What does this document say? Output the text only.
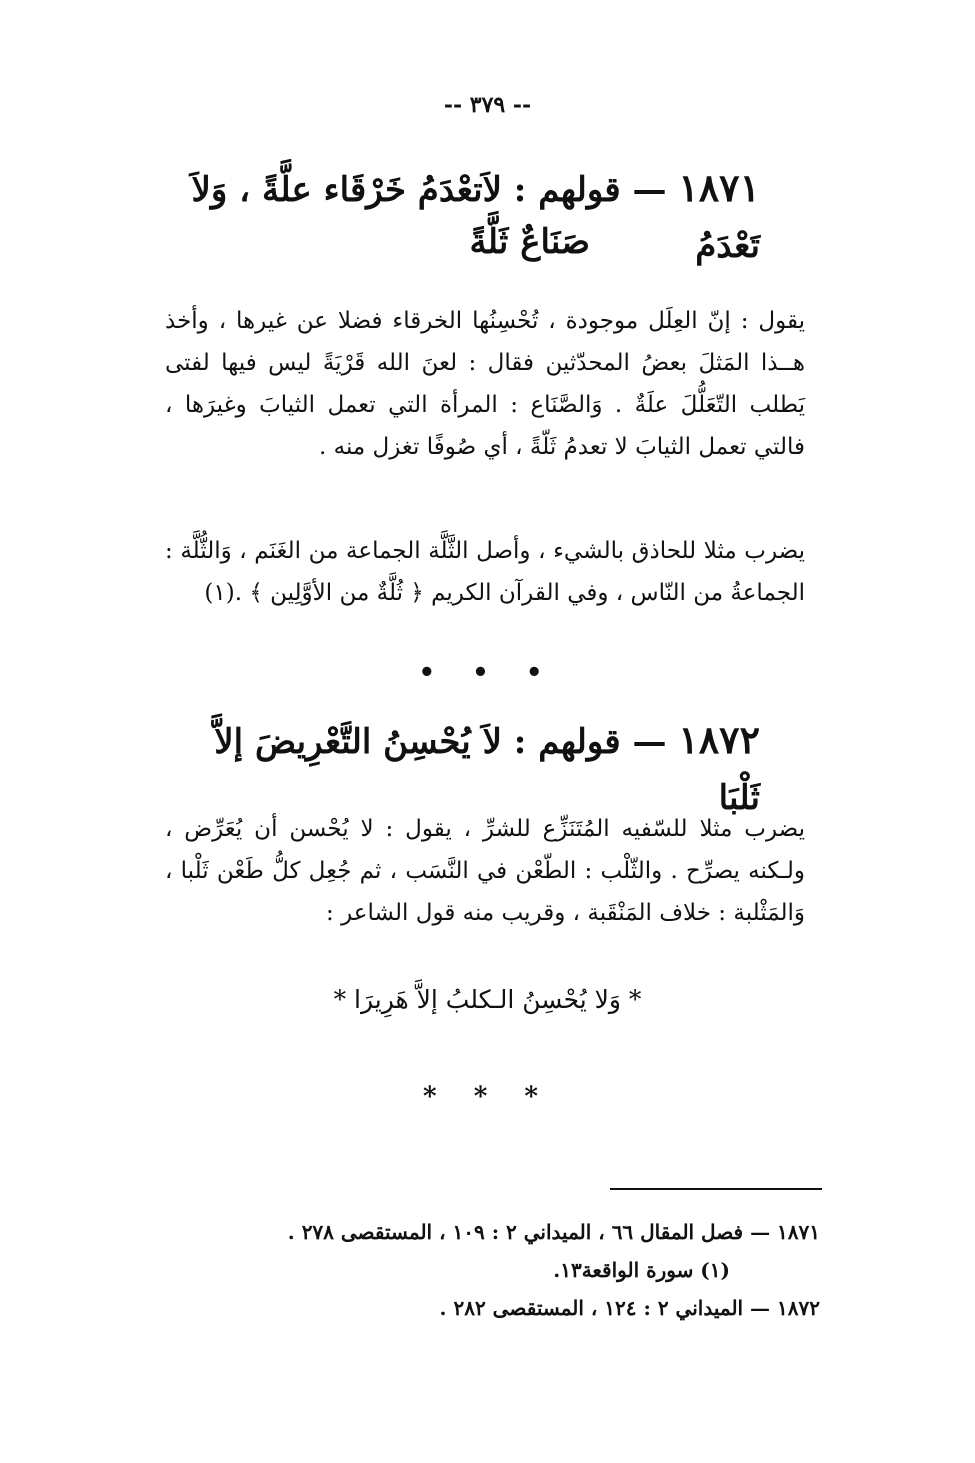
-- ٣٧٩ --
١٨٧١ — قولهم : لاَتعْدَمُ خَرْقَاء علَّةً ، وَلاَ تَعْدَمُ
صَنَاعٌ ثَلَّةً

يقول : إنّ العِلَل موجودة ، تُحْسِنُها الخرقاء فضلا عن غيرها ، وأخذ هــذا المَثلَ بعضُ المحدّثين فقال : لعنَ الله قَرْيَةً ليس فيها لفتى يَطلب التّعَلُّلَ علَةٌ . وَالصَّنَاع : المرأة التي تعمل الثيابَ وغيرَها ، فالتي تعمل الثيابَ لا تعدمُ ثَلّةً ، أي صُوفًا تغزل منه .

يضرب مثلا للحاذق بالشيء ، وأصل الثَّلَّة الجماعة من الغَنَم ، وَالثُّلَّة : الجماعةُ من النّاس ، وفي القرآن الكريم ﴿ ثُلَّةٌ من الأوَّلِين ﴾ .(١)

• • •
١٨٧٢ — قولهم : لاَ يُحْسِنُ التَّعْرِيضَ إلاَّ ثَلْبَا

يضرب مثلا للسّفيه المُتَنَزِّع للشرِّ ، يقول : لا يُحْسن أن يُعَرِّض ، ولـكنه يصرِّح . والثّلْب : الطّعْن في النَّسَب ، ثم جُعِل كلُّ طَعْن ثَلْبا ، وَالمَثْلبة : خلاف المَنْقَبة ، وقريب منه قول الشاعر :

* وَلا يُحْسِنُ الـكلبُ إلاَّ هَرِيرَا *
* * *
١٨٧١ — فصل المقال ٦٦ ، الميداني ٢ : ١٠٩ ، المستقصى ٢٧٨ .
(١) سورة الواقعة١٣.
١٨٧٢ — الميداني ٢ : ١٢٤ ، المستقصى ٢٨٢ .
